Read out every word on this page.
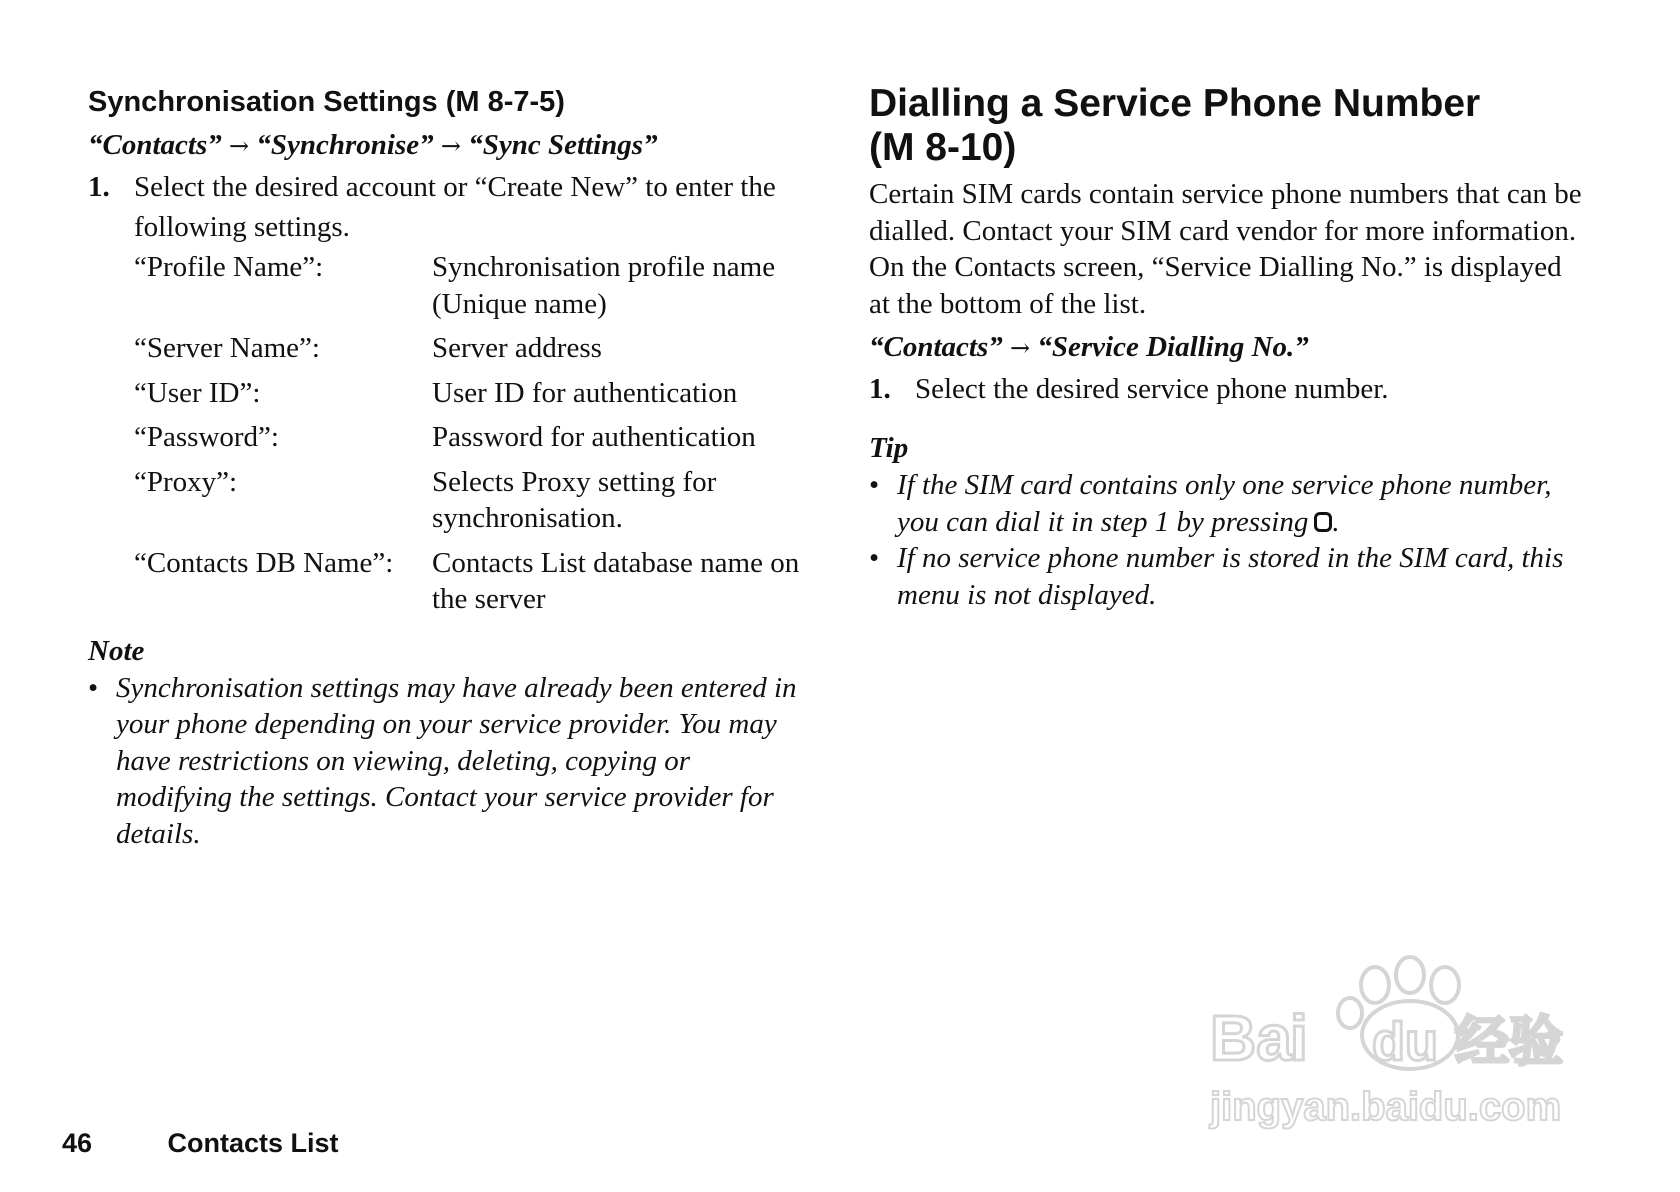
Synchronisation Settings (M 8-7-5)
“Contacts” → “Synchronise” → “Sync Settings”
1. Select the desired account or “Create New” to enter the following settings.
“Profile Name”:	Synchronisation profile name (Unique name)
“Server Name”:	Server address
“User ID”:	User ID for authentication
“Password”:	Password for authentication
“Proxy”:	Selects Proxy setting for synchronisation.
“Contacts DB Name”:	Contacts List database name on the server
Note
• Synchronisation settings may have already been entered in your phone depending on your service provider. You may have restrictions on viewing, deleting, copying or modifying the settings. Contact your service provider for details.
Dialling a Service Phone Number
(M 8-10)

Certain SIM cards contain service phone numbers that can be dialled. Contact your SIM card vendor for more information. On the Contacts screen, “Service Dialling No.” is displayed at the bottom of the list.

“Contacts” → “Service Dialling No.”
1. Select the desired service phone number.
Tip
• If the SIM card contains only one service phone number, you can dial it in step 1 by pressing .
• If no service phone number is stored in the SIM card, this menu is not displayed.
46	Contacts List
Ba
i du 经验
jingyan.baidu.com
